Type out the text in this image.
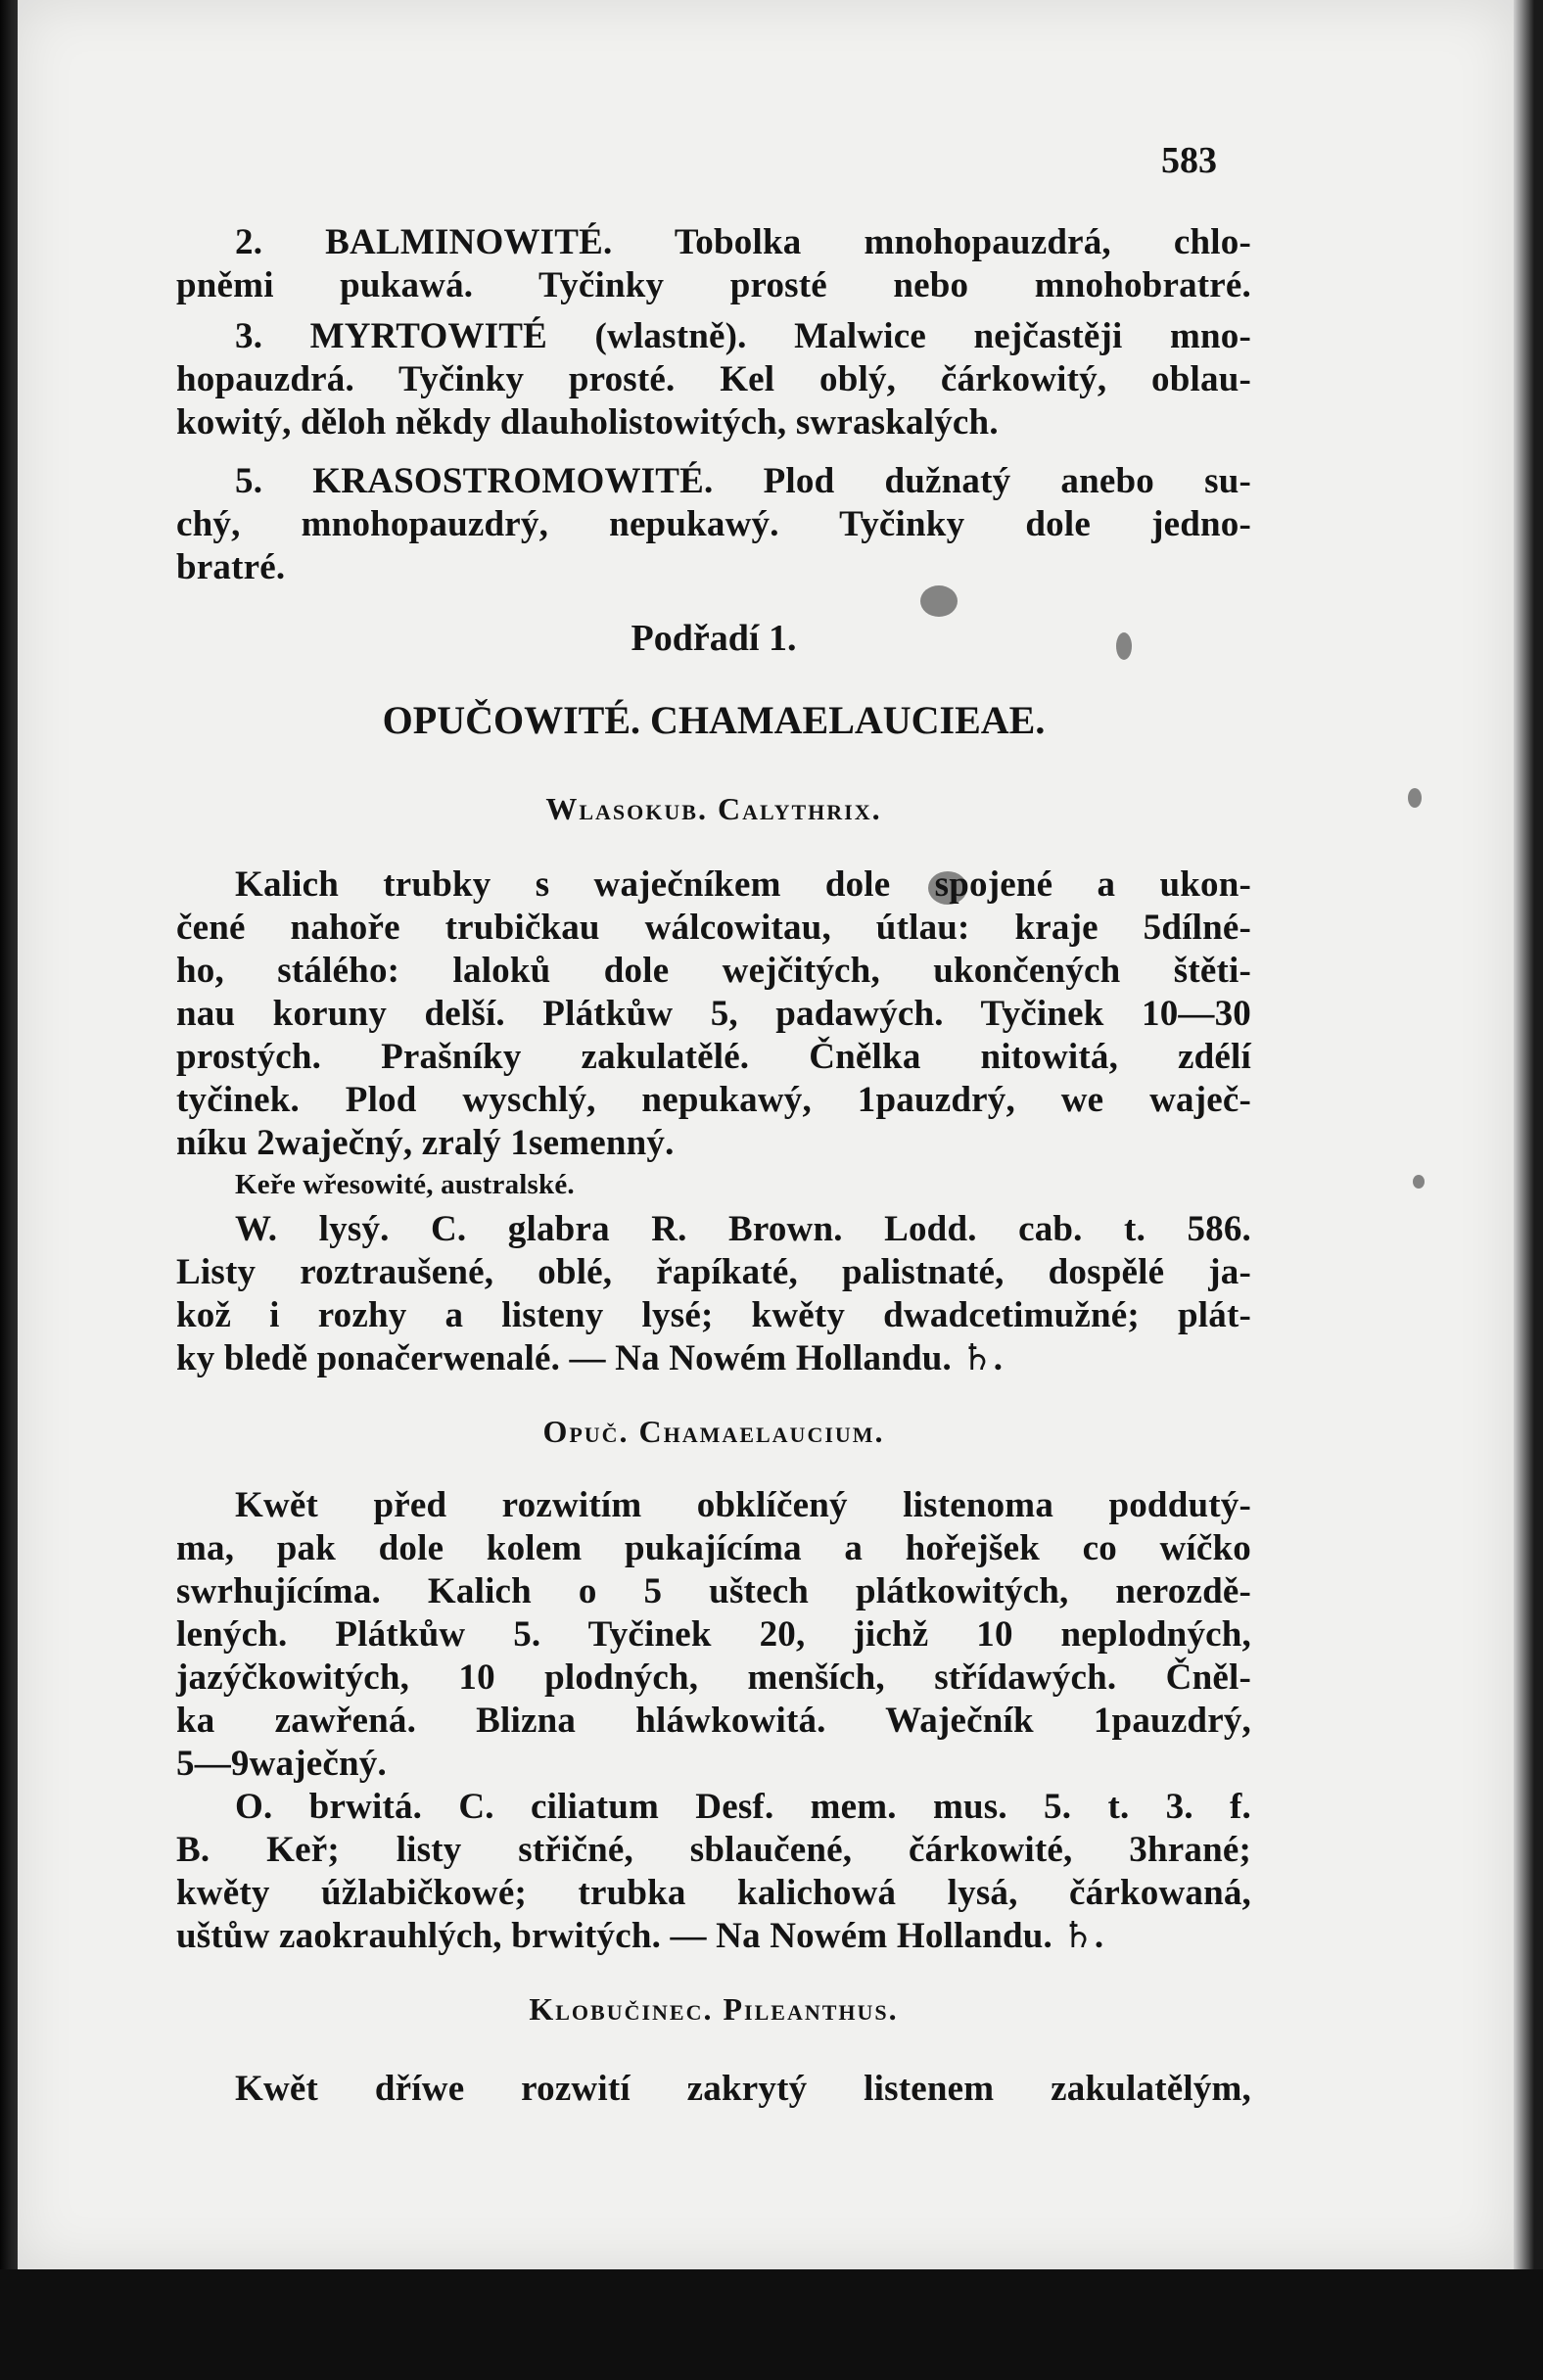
583
2. BALMINOWITÉ. Tobolka mnohopauzdrá, chlo-
pněmi pukawá. Tyčinky prosté nebo mnohobratré.
3. MYRTOWITÉ (wlastně). Malwice nejčastěji mno-
hopauzdrá. Tyčinky prosté. Kel oblý, čárkowitý, oblau-
kowitý, děloh někdy dlauholistowitých, swraskalých.
5. KRASOSTROMOWITÉ. Plod dužnatý anebo su-
chý, mnohopauzdrý, nepukawý. Tyčinky dole jedno-
bratré.
Podřadí 1.
OPUČOWITÉ. CHAMAELAUCIEAE.
Wlasokub. Calythrix.
Kalich trubky s waječníkem dole spojené a ukon-
čené nahoře trubičkau wálcowitau, útlau: kraje 5dílné-
ho, stálého: laloků dole wejčitých, ukončených štěti-
nau koruny delší. Plátkůw 5, padawých. Tyčinek 10—30
prostých. Prašníky zakulatělé. Čnělka nitowitá, zdélí
tyčinek. Plod wyschlý, nepukawý, 1pauzdrý, we waječ-
níku 2waječný, zralý 1semenný.
Keře wřesowité, australské.
W. lysý. C. glabra R. Brown. Lodd. cab. t. 586.
Listy roztraušené, oblé, řapíkaté, palistnaté, dospělé ja-
kož i rozhy a listeny lysé; kwěty dwadcetimužné; plát-
ky bledě ponačerwenalé. — Na Nowém Hollandu. ♄.
Opuč. Chamaelaucium.
Kwět před rozwitím obklíčený listenoma poddutý-
ma, pak dole kolem pukajícíma a hořejšek co wíčko
swrhujícíma. Kalich o 5 uštech plátkowitých, nerozdě-
lených. Plátkůw 5. Tyčinek 20, jichž 10 neplodných,
jazýčkowitých, 10 plodných, menších, střídawých. Čněl-
ka zawřená. Blizna hláwkowitá. Waječník 1pauzdrý,
5—9waječný.
O. brwitá. C. ciliatum Desf. mem. mus. 5. t. 3. f.
B. Keř; listy střičné, sblaučené, čárkowité, 3hrané;
kwěty úžlabičkowé; trubka kalichowá lysá, čárkowaná,
uštůw zaokrauhlých, brwitých. — Na Nowém Hollandu. ♄.
Klobučinec. Pileanthus.
Kwět dříwe rozwití zakrytý listenem zakulatělým,
